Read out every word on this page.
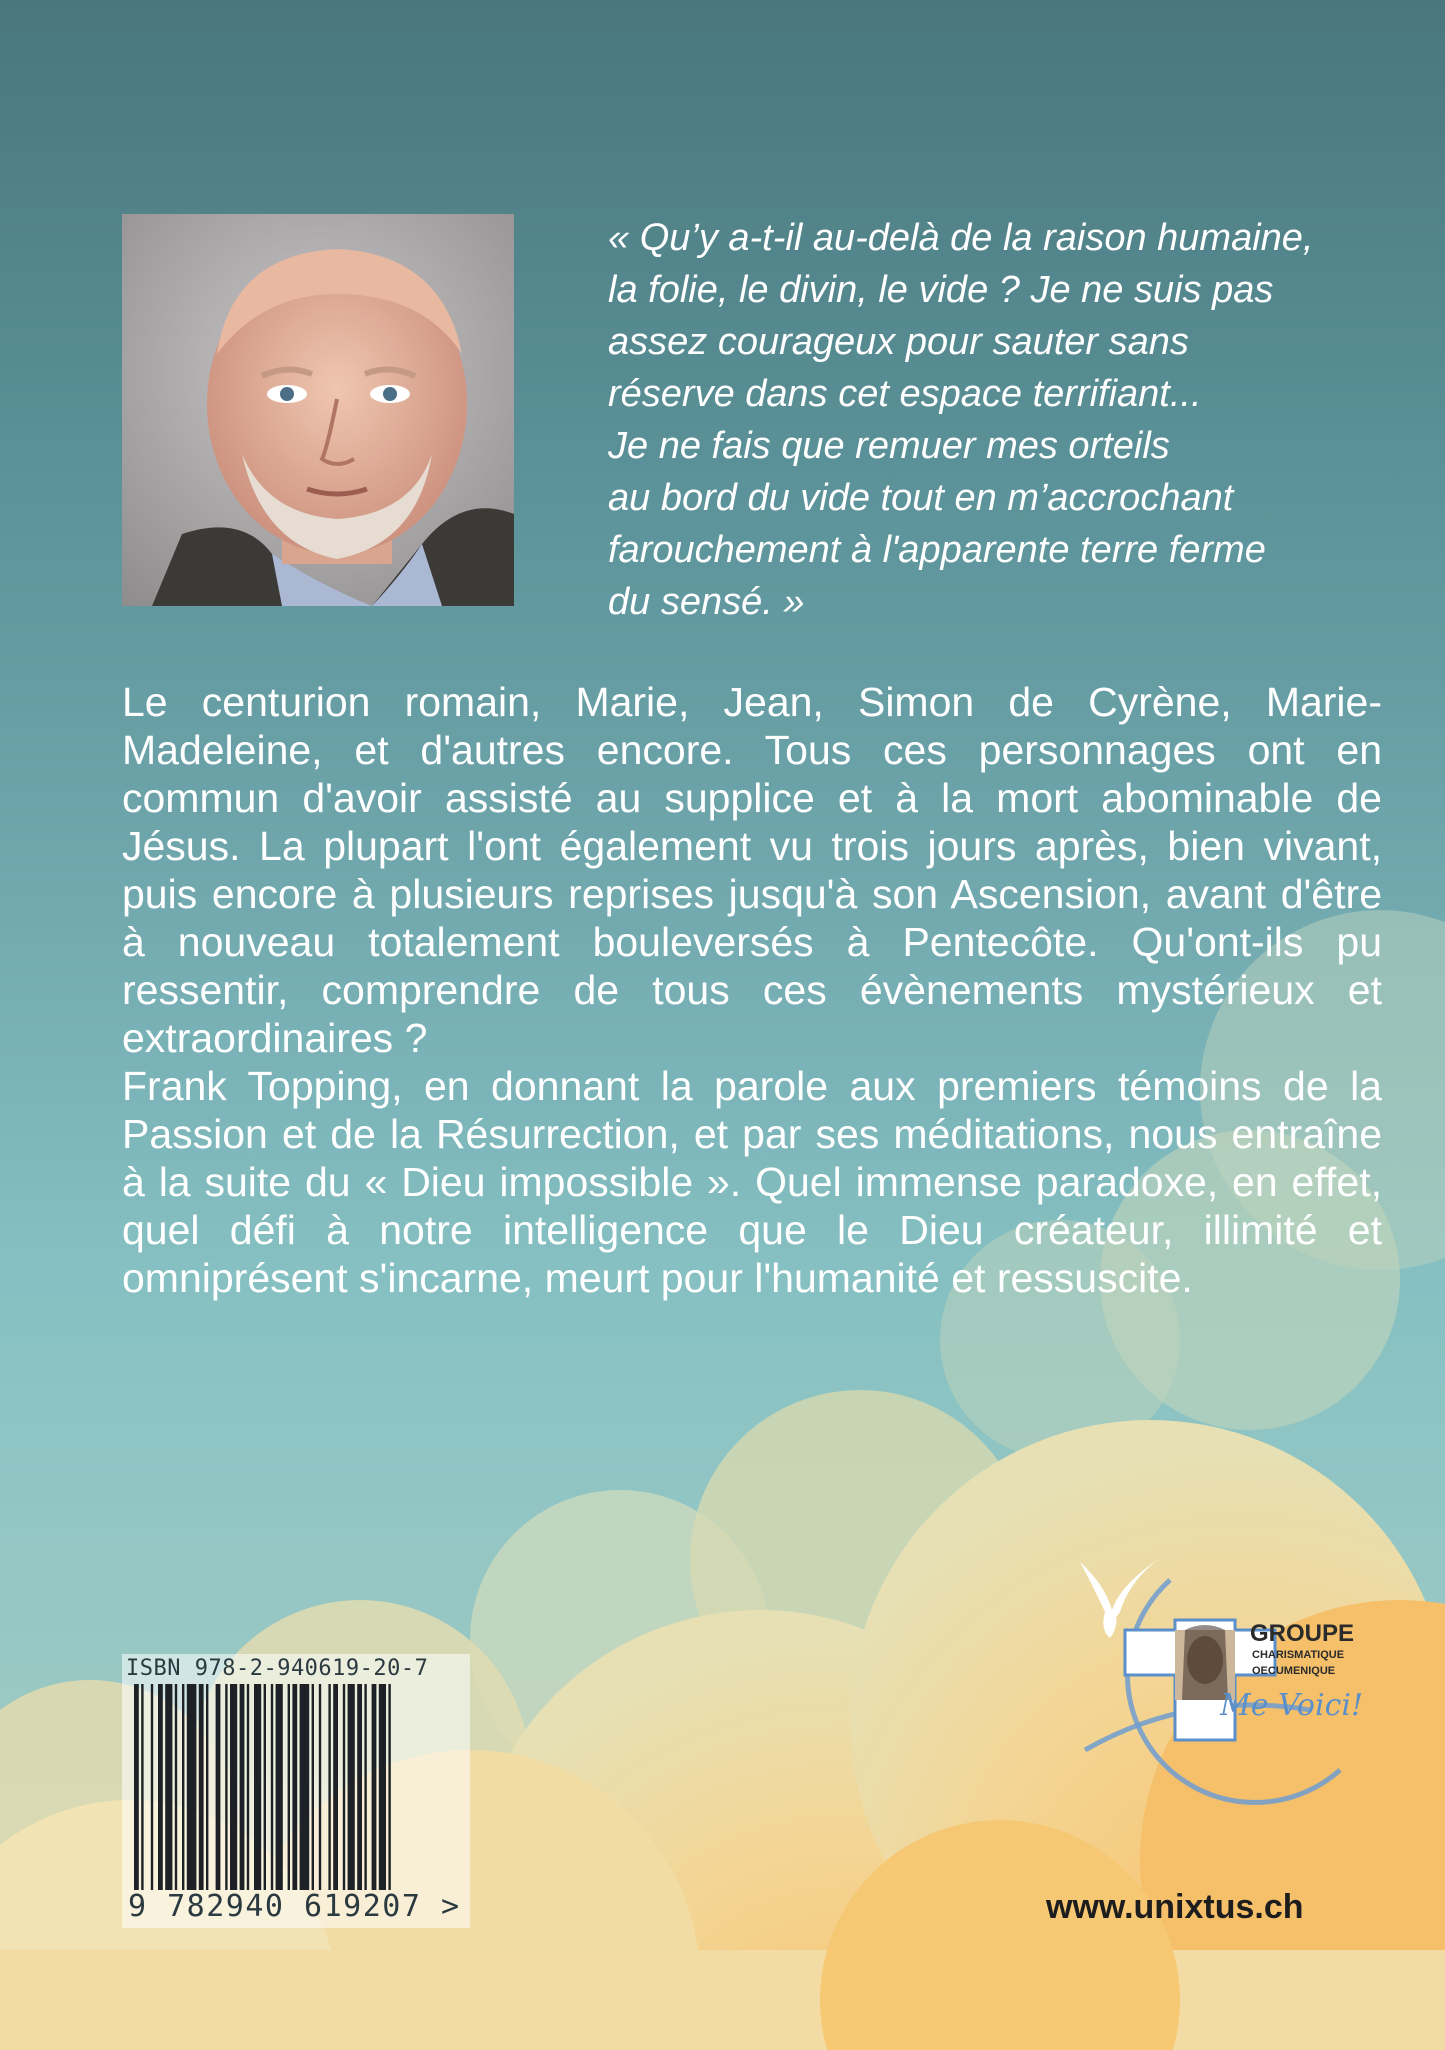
« Qu’y a-t-il au-delà de la raison humaine,
la folie, le divin, le vide ? Je ne suis pas
assez courageux pour sauter sans
réserve dans cet espace terrifiant...
Je ne fais que remuer mes orteils
au bord du vide tout en m’accrochant
farouchement à l'apparente terre ferme
du sensé. »

Le centurion romain, Marie, Jean, Simon de Cyrène, Marie-Madeleine, et d'autres encore. Tous ces personnages ont en commun d'avoir assisté au supplice et à la mort abominable de Jésus. La plupart l'ont également vu trois jours après, bien vivant, puis encore à plusieurs reprises jusqu'à son Ascension, avant d'être à nouveau totalement bouleversés à Pentecôte. Qu'ont-ils pu ressentir, comprendre de tous ces évènements mystérieux et extraordinaires ?

Frank Topping, en donnant la parole aux premiers témoins de la Passion et de la Résurrection, et par ses méditations, nous entraîne à la suite du « Dieu impossible ». Quel immense paradoxe, en effet, quel défi à notre intelligence que le Dieu créateur, illimité et omniprésent s'incarne, meurt pour l'humanité et ressuscite.

ISBN 978-2-940619-20-7
9 782940 619207 >
GROUPE
CHARISMATIQUE
OECUMENIQUE
Me Voici!
www.unixtus.ch
